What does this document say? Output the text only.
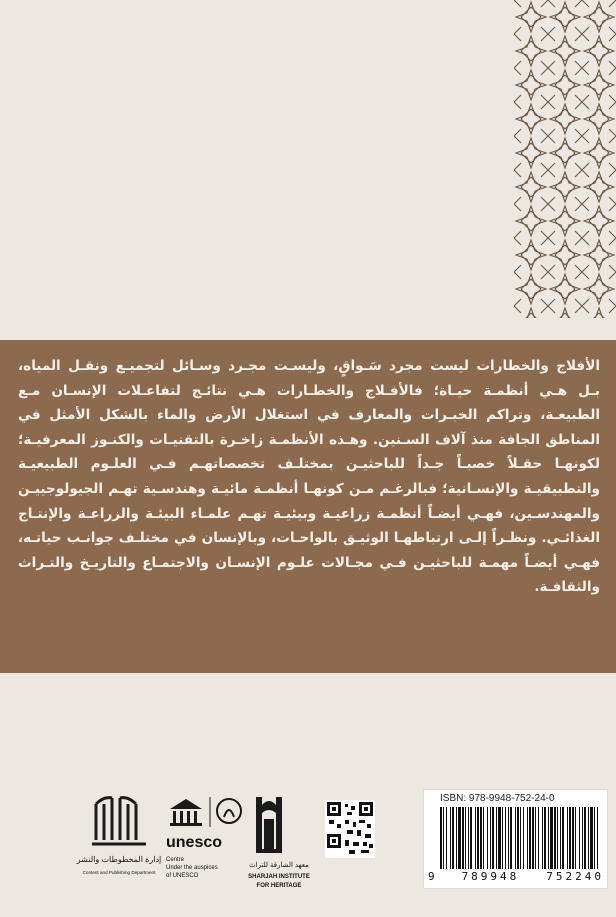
الأفلاج والخطارات ليست مجرد سَـواقٍ، وليسـت مجـرد وسـائل لتجميـع ونقـل المياه، بـل هـي أنظمـة حيـاة؛ فالأفـلاج والخطـارات هـي نتائـج لتفاعـلات الإنسـان مـع الطبيعـة، وتراكم الخبـرات والمعارف في استغلال الأرض والماء بالشكل الأمثل في المناطق الجافة منذ آلاف السـنين. وهـذه الأنظمـة زاخـرة بالتقنيـات والكنـوز المعرفيـة؛ لكونهـا حقـلاً خصبـاً جـداً للباحثيـن بمختلـف تخصصاتهـم فـي العلـوم الطبيعيـة والتطبيقيـة والإنسـانية؛ فبالرغـم مـن كونهـا أنظمـة مائيـة وهندسـية تهـم الجيولوجييـن والمهندسـين، فهـي أيضـاً أنظمـة زراعيـة وبيئيـة تهـم علمـاء البيئـة والزراعـة والإنتـاج الغذائـي. ونظـراً إلـى ارتباطهـا الوثيـق بالواحـات، وبالإنسان في مختلـف جوانـب حياتـه، فهـي أيضـاً مهمـة للباحثيـن فـي مجـالات علـوم الإنسـان والاجتمـاع والتاريـخ والتـراث والثقافـة.

إدارة المخطوطات والنشر
Content and Publishing Department
unesco
Centre
Under the auspices
of UNESCO
معهد الشارقة للتراث
SHARJAH INSTITUTE
FOR HERITAGE
ISBN: 978-9948-752-24-0
9 789948 752240
